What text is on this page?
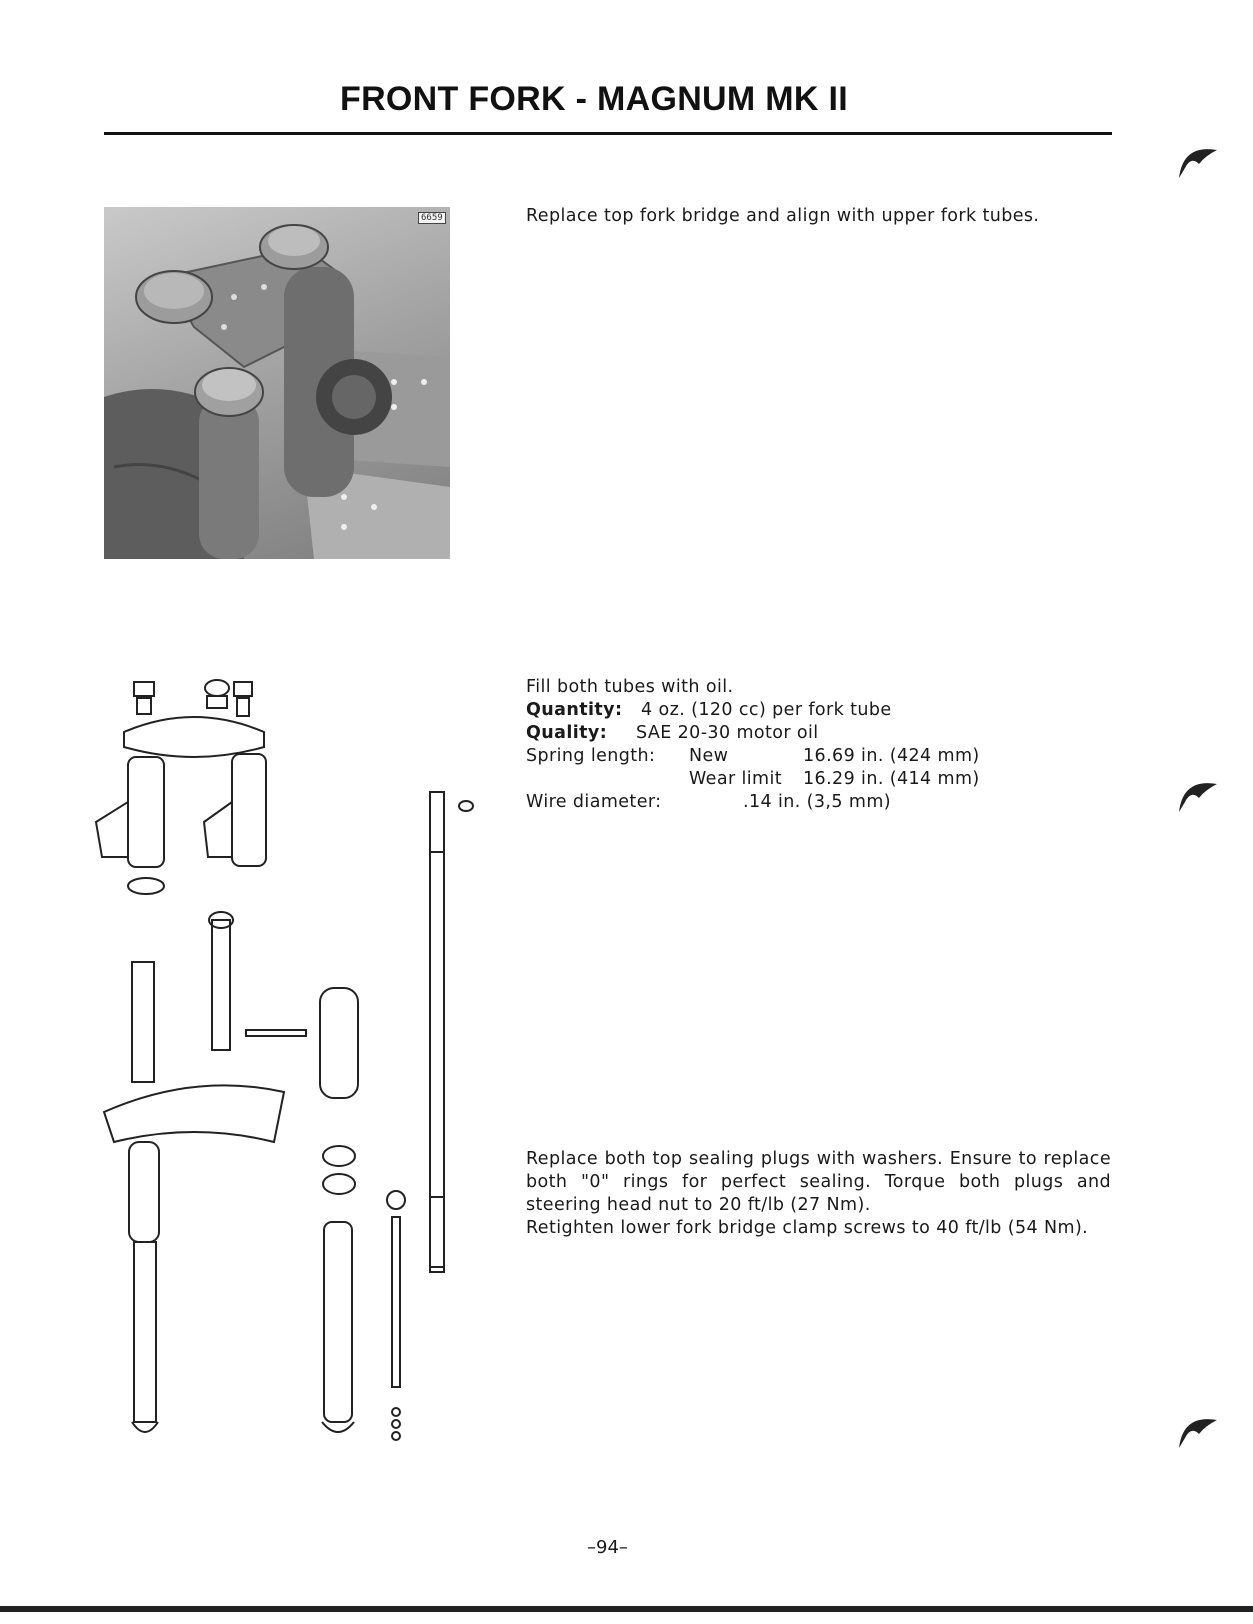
FRONT FORK - MAGNUM MK II
6659	Replace top fork bridge and align with upper fork tubes.
Fill both tubes with oil.
Quantity: 4 oz. (120 cc) per fork tube
Quality: SAE 20-30 motor oil
Spring length: New	16.69 in. (424 mm)
Wear limit 16.29 in. (414 mm)
Wire diameter:	.14 in. (3,5 mm)
Replace both top sealing plugs with washers. Ensure to replace both "0" rings for perfect sealing. Torque both plugs and steering head nut to 20 ft/lb (27 Nm).
Retighten lower fork bridge clamp screws to 40 ft/lb (54 Nm).
–94–
